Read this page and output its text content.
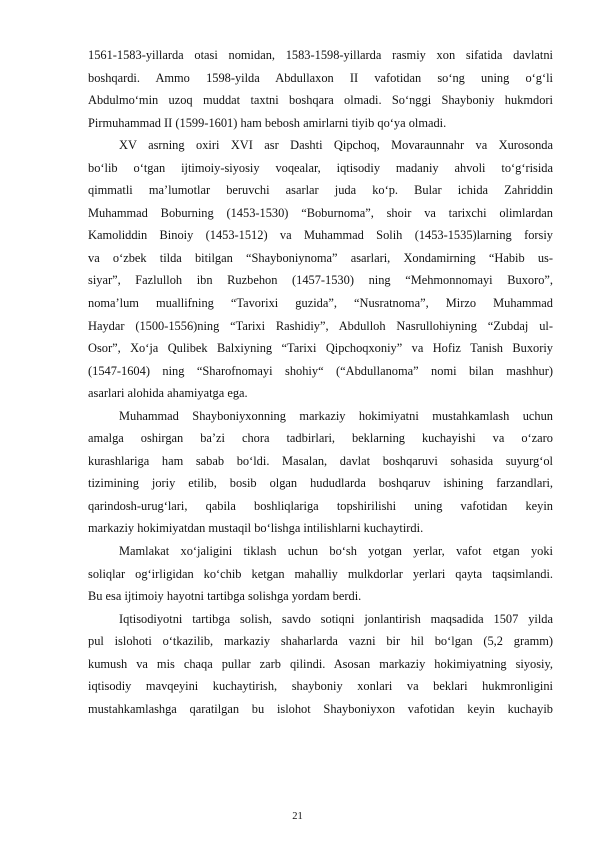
1561-1583-yillarda otasi nomidan, 1583-1598-yillarda rasmiy xon sifatida davlatni
boshqardi. Ammo 1598-yilda Abdullaxon II vafotidan so‘ng uning o‘g‘li
Abdulmo‘min uzoq muddat taxtni boshqara olmadi. So‘nggi Shayboniy hukmdori
Pirmuhammad II (1599-1601) ham bebosh amirlarni tiyib qo‘ya olmadi.
XV asrning oxiri XVI asr Dashti Qipchoq, Movaraunnahr va Xurosonda
bo‘lib o‘tgan ijtimoiy-siyosiy voqealar, iqtisodiy madaniy ahvoli to‘g‘risida
qimmatli ma’lumotlar beruvchi asarlar juda ko‘p. Bular ichida Zahriddin
Muhammad Boburning (1453-1530) “Boburnoma”, shoir va tarixchi olimlardan
Kamoliddin Binoiy (1453-1512) va Muhammad Solih (1453-1535)larning forsiy
va o‘zbek tilda bitilgan “Shayboniynoma” asarlari, Xondamirning “Habib us-
siyar”, Fazlulloh ibn Ruzbehon (1457-1530) ning “Mehmonnomayi Buxoro”,
noma’lum muallifning “Tavorixi guzida”, “Nusratnoma”, Mirzo Muhammad
Haydar (1500-1556)ning “Tarixi Rashidiy”, Abdulloh Nasrullohiyning “Zubdaj ul-
Osor”, Xo‘ja Qulibek Balxiyning “Tarixi Qipchoqxoniy” va Hofiz Tanish Buxoriy
(1547-1604) ning “Sharofnomayi shohiy“ (“Abdullanoma” nomi bilan mashhur)
asarlari alohida ahamiyatga ega.
Muhammad Shayboniyxonning markaziy hokimiyatni mustahkamlash uchun
amalga oshirgan ba’zi chora tadbirlari, beklarning kuchayishi va o‘zaro
kurashlariga ham sabab bo‘ldi. Masalan, davlat boshqaruvi sohasida suyurg‘ol
tizimining joriy etilib, bosib olgan hududlarda boshqaruv ishining farzandlari,
qarindosh-urug‘lari, qabila boshliqlariga topshirilishi uning vafotidan keyin
markaziy hokimiyatdan mustaqil bo‘lishga intilishlarni kuchaytirdi.
Mamlakat xo‘jaligini tiklash uchun bo‘sh yotgan yerlar, vafot etgan yoki
soliqlar og‘irligidan ko‘chib ketgan mahalliy mulkdorlar yerlari qayta taqsimlandi.
Bu esa ijtimoiy hayotni tartibga solishga yordam berdi.
Iqtisodiyotni tartibga solish, savdo sotiqni jonlantirish maqsadida 1507 yilda
pul islohoti o‘tkazilib, markaziy shaharlarda vazni bir hil bo‘lgan (5,2 gramm)
kumush va mis chaqa pullar zarb qilindi. Asosan markaziy hokimiyatning siyosiy,
iqtisodiy mavqeyini kuchaytirish, shayboniy xonlari va beklari hukmronligini
mustahkamlashga qaratilgan bu islohot Shayboniyxon vafotidan keyin kuchayib
21
